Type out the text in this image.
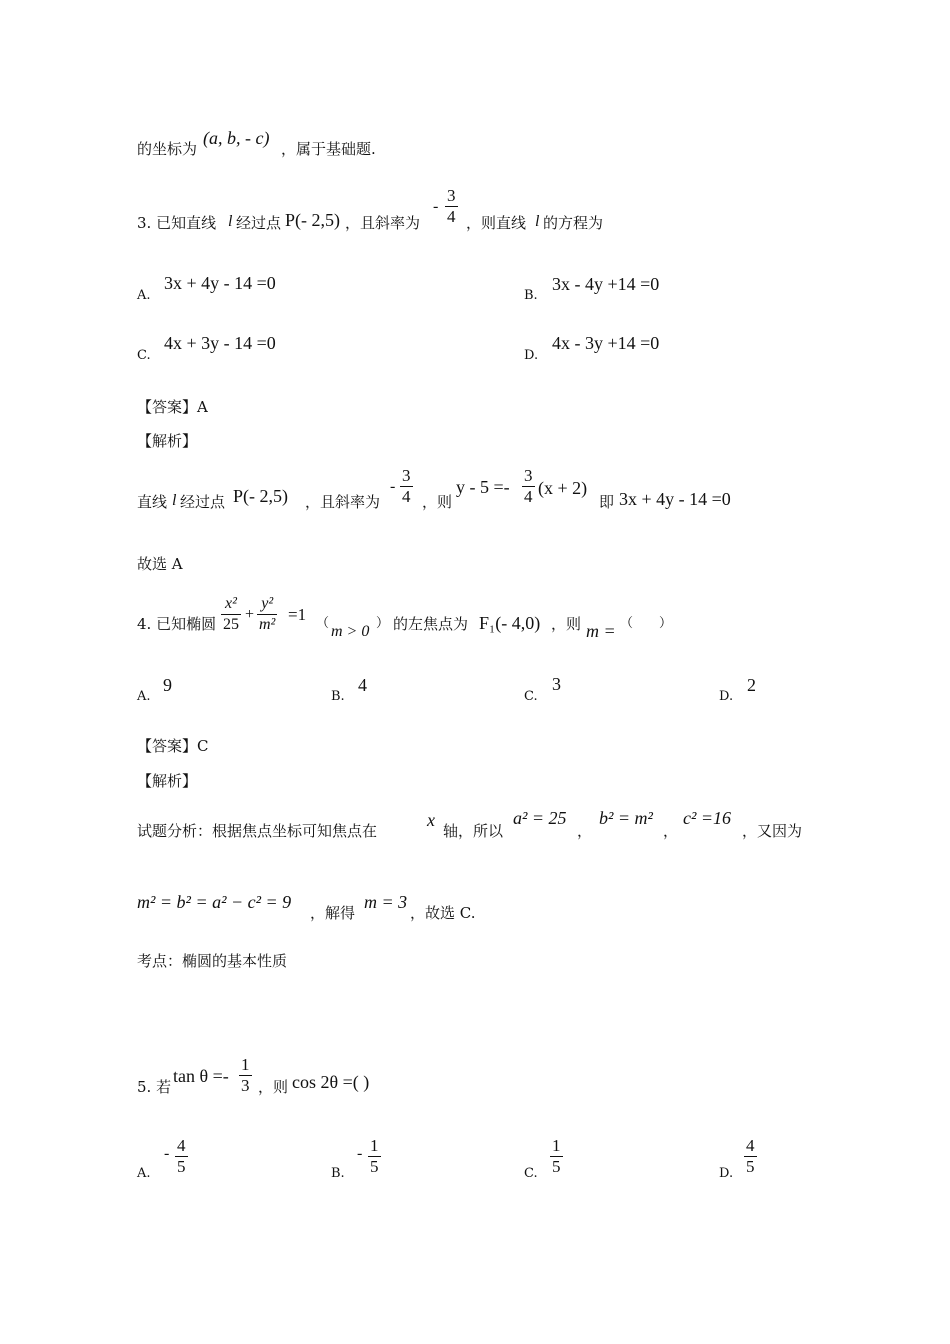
的坐标为
(a, b, - c)
，属于基础题.
3. 已知直线 l 经过点 P(- 2,5) ，且斜率为
-
3
4 ，则直线 l 的方程为
A.
3x + 4y - 14 =0
B.
3x - 4y +14 =0
C.
4x + 3y - 14 =0
D.
4x - 3y +14 =0
【答案】A
【解析】
直线 l 经过点 P(- 2,5) ，且斜率为
-
3
4 ，则
y - 5 =-
3
4 (x + 2)
即 3x + 4y - 14 =0
故选 A
4. 已知椭圆
x²
25
+
y²
m²
=1 （ m > 0 ） 的左焦点为 F₁(- 4,0) ，则 m = （　　）
A.
9
B.
4
C.
3
D.
2
【答案】C
【解析】
试题分析：根据焦点坐标可知焦点在
x
轴，所以
a² = 25
，
b² = m²
，
c² =16
，又因为
m² = b² = a² − c² = 9
，解得
m = 3
，故选 C.
考点：椭圆的基本性质
5. 若
tan θ =-
1
3 ，则 cos 2θ =( )
A.
- 4
5	B.
- 1
5	C.
1
5	D.
4
5
